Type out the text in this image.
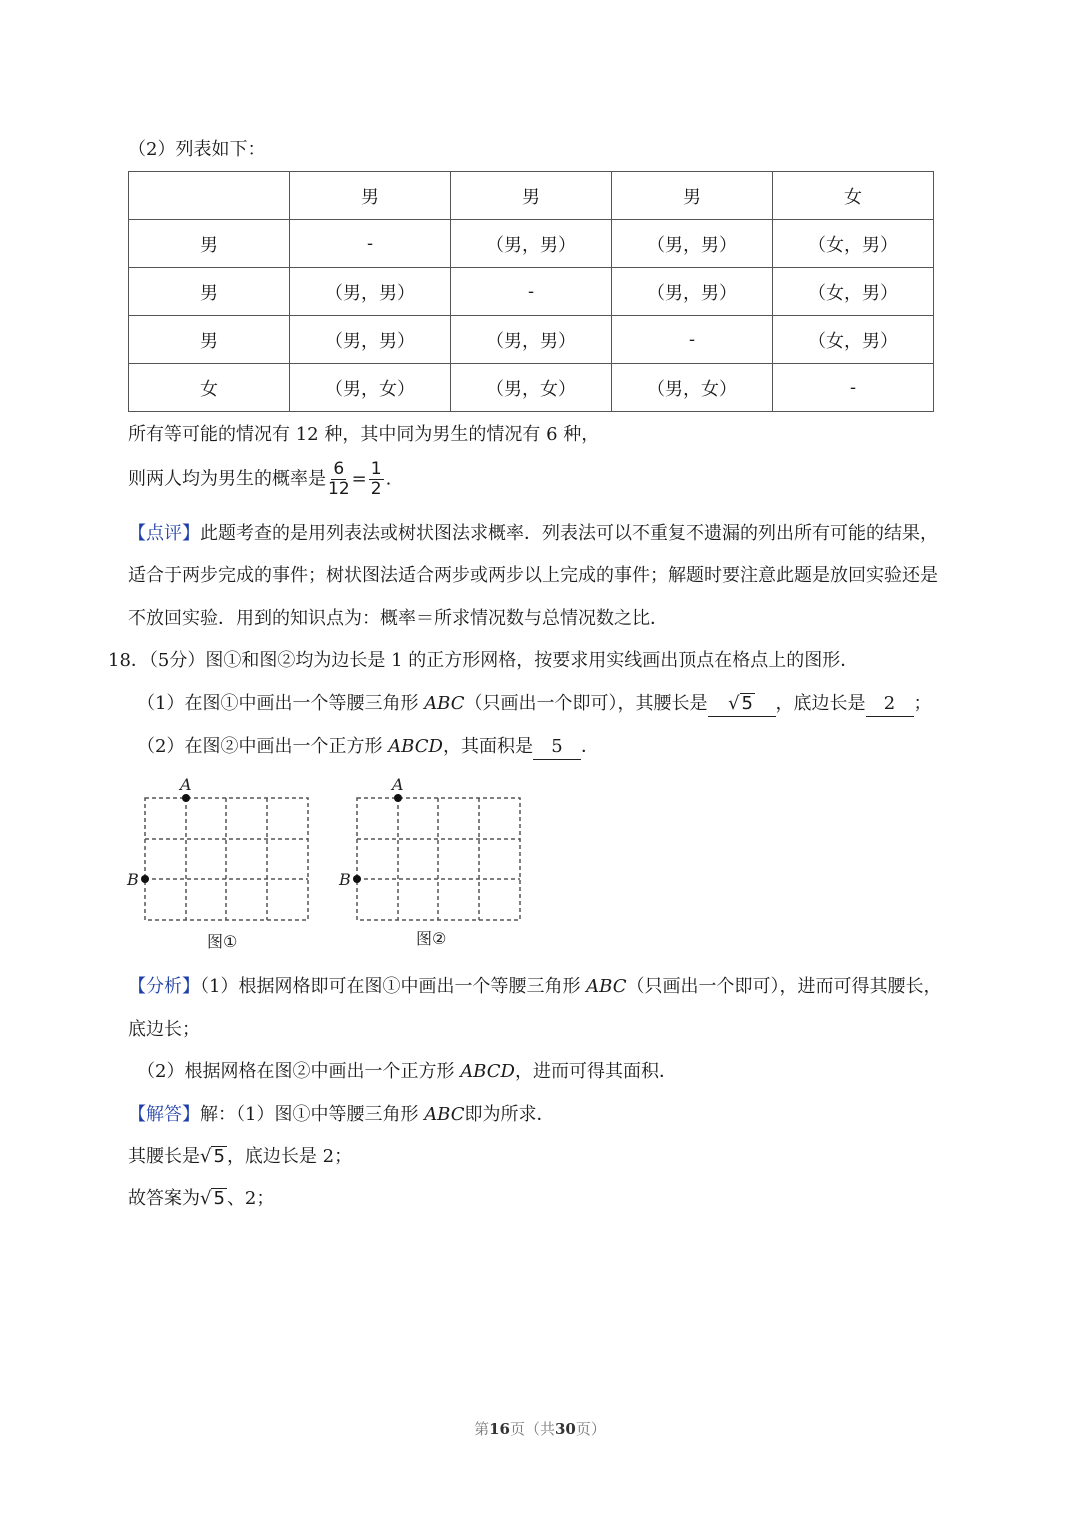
（2）列表如下：
	男	男	男	女
男	-	（男，男）	（男，男）	（女，男）
男	（男，男）	-	（男，男）	（女，男）
男	（男，男）	（男，男）	-	（女，男）
女	（男，女）	（男，女）	（男，女）	-
所有等可能的情况有 12 种，其中同为男生的情况有 6 种，
则两人均为男生的概率是 $\frac{6}{12} = \frac{1}{2}$ .
【点评】此题考查的是用列表法或树状图法求概率．列表法可以不重复不遗漏的列出所有可能的结果，
适合于两步完成的事件；树状图法适合两步或两步以上完成的事件；解题时要注意此题是放回实验还是
不放回实验．用到的知识点为：概率＝所求情况数与总情况数之比．
18．（5分）图①和图②均为边长是 1 的正方形网格，按要求用实线画出顶点在格点上的图形．
（1）在图①中画出一个等腰三角形 ABC（只画出一个即可），其腰长是 √ 5 ，底边长是 2 ；
（2）在图②中画出一个正方形 ABCD，其面积是 5 ．
A
B
图①
A
B
图②
【分析】（1）根据网格即可在图①中画出一个等腰三角形 ABC（只画出一个即可），进而可得其腰长，
底边长；
（2）根据网格在图②中画出一个正方形 ABCD，进而可得其面积．
【解答】解：（1）图①中等腰三角形 ABC即为所求．
其腰长是√ 5 ，底边长是 2；
故答案为√ 5 、2；
第16页（共30页）
